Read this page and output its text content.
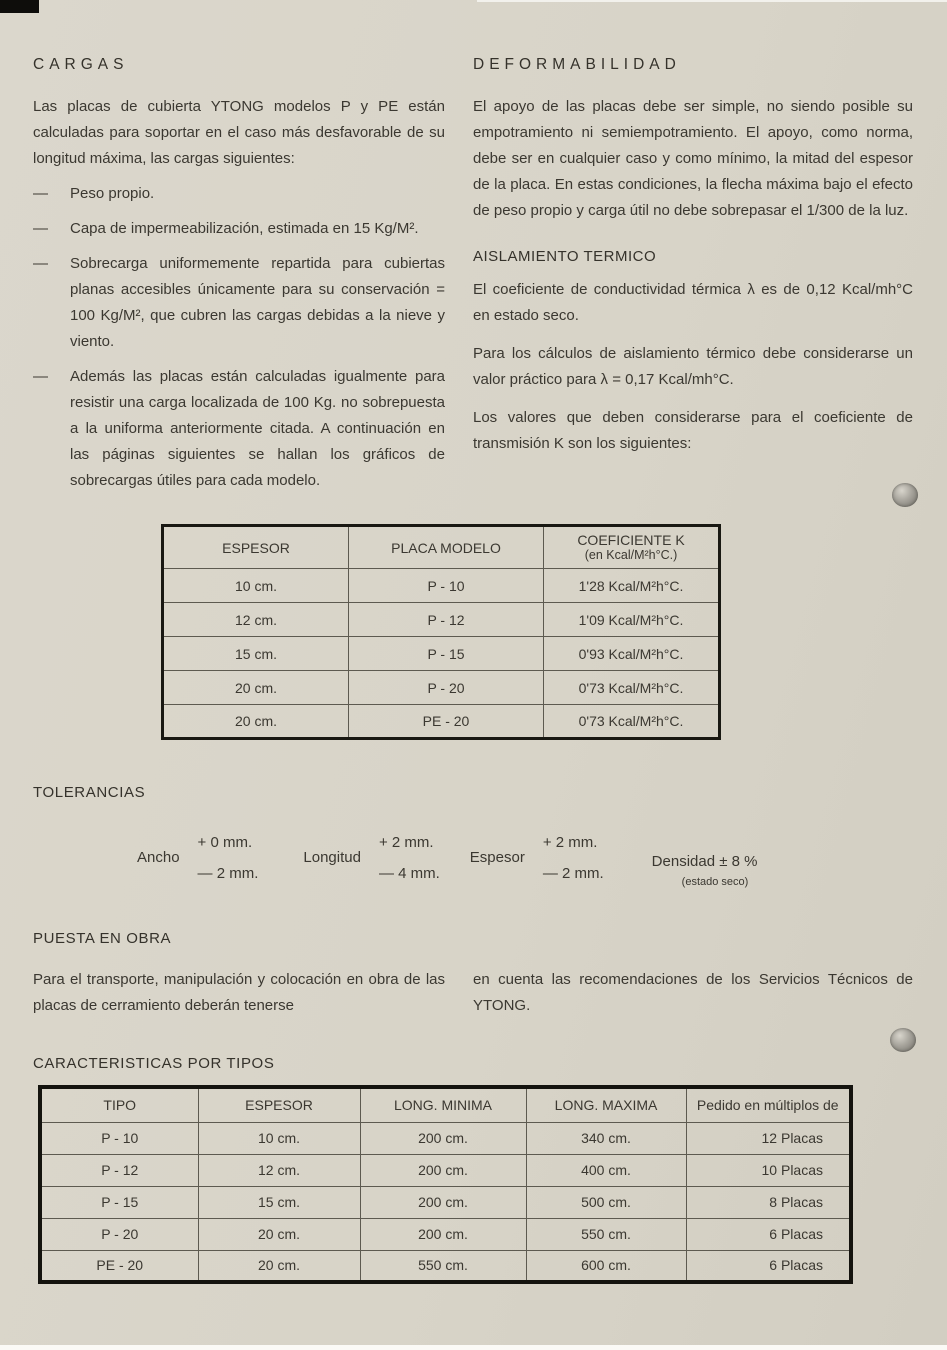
CARGAS

Las placas de cubierta YTONG modelos P y PE están calculadas para soportar en el caso más desfavorable de su longitud máxima, las cargas siguientes:

—	Peso propio.
—	Capa de impermeabilización, estimada en 15 Kg/M².
—	Sobrecarga uniformemente repartida para cubiertas planas accesibles únicamente para su conservación = 100 Kg/M², que cubren las cargas debidas a la nieve y viento.
—	Además las placas están calculadas igualmente para resistir una carga localizada de 100 Kg. no sobrepuesta a la uniforma anteriormente citada. A continuación en las páginas siguientes se hallan los gráficos de sobrecargas útiles para cada modelo.
DEFORMABILIDAD

El apoyo de las placas debe ser simple, no siendo posible su empotramiento ni semiempotramiento. El apoyo, como norma, debe ser en cualquier caso y como mínimo, la mitad del espesor de la placa. En estas condiciones, la flecha máxima bajo el efecto de peso propio y carga útil no debe sobrepasar el 1/300 de la luz.

AISLAMIENTO TERMICO

El coeficiente de conductividad térmica λ es de 0,12 Kcal/mh°C en estado seco.

Para los cálculos de aislamiento térmico debe considerarse un valor práctico para λ = 0,17 Kcal/mh°C.

Los valores que deben considerarse para el coeficiente de transmisión K son los siguientes:

ESPESOR	PLACA MODELO	COEFICIENTE K
(en Kcal/M²h°C.)

10 cm.	P - 10	1'28 Kcal/M²h°C.
12 cm.	P - 12	1'09 Kcal/M²h°C.
15 cm.	P - 15	0'93 Kcal/M²h°C.
20 cm.	P - 20	0'73 Kcal/M²h°C.
20 cm.	PE - 20	0'73 Kcal/M²h°C.
TOLERANCIAS
Ancho
+ 0 mm.
— 2 mm.
Longitud
+ 2 mm.
— 4 mm.
Espesor
+ 2 mm.
— 2 mm.
Densidad ± 8 %
(estado seco)
PUESTA EN OBRA

Para el transporte, manipulación y colocación en obra de las placas de cerramiento deberán tenerse

en cuenta las recomendaciones de los Servicios Técnicos de YTONG.

CARACTERISTICAS POR TIPOS
TIPO	ESPESOR	LONG. MINIMA	LONG. MAXIMA	Pedido en múltiplos de
P - 10	10 cm.	200 cm.	340 cm.	12 Placas
P - 12	12 cm.	200 cm.	400 cm.	10 Placas
P - 15	15 cm.	200 cm.	500 cm.	8 Placas
P - 20	20 cm.	200 cm.	550 cm.	6 Placas
PE - 20	20 cm.	550 cm.	600 cm.	6 Placas
